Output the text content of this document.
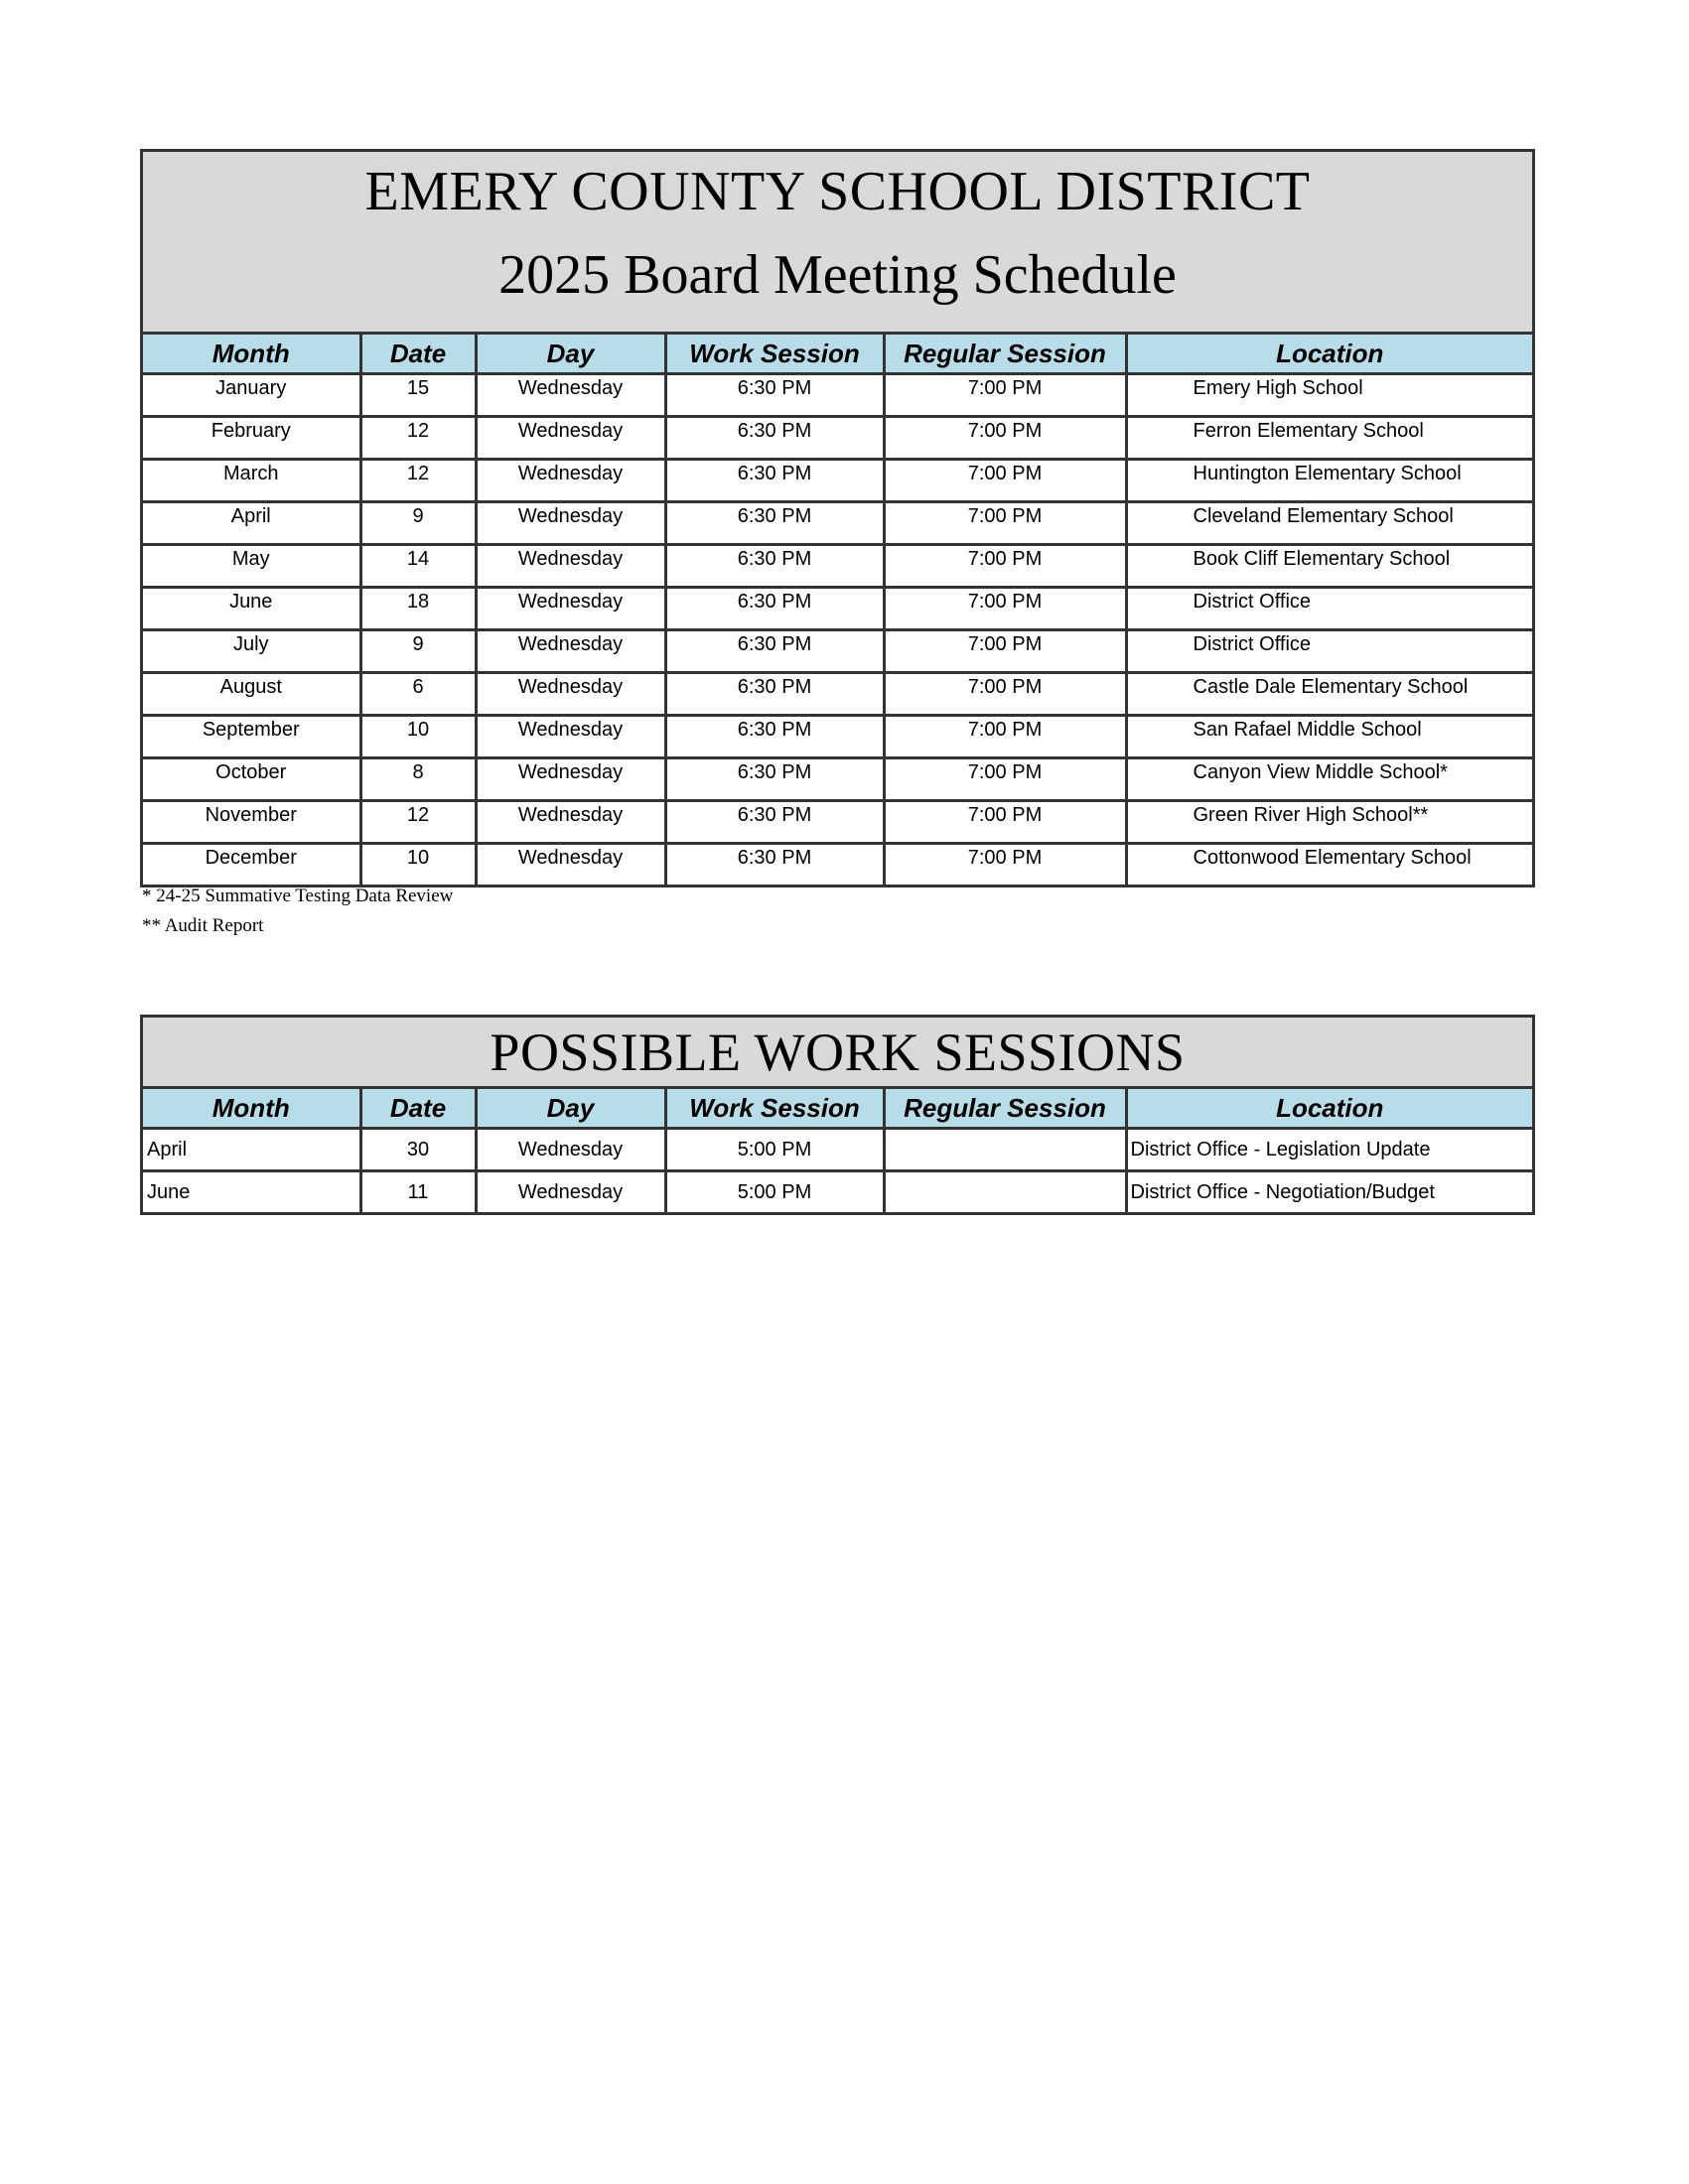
EMERY COUNTY SCHOOL DISTRICT
2025 Board Meeting Schedule
Month	Date	Day	Work Session	Regular Session	Location
January	15	Wednesday	6:30 PM	7:00 PM	Emery High School
February	12	Wednesday	6:30 PM	7:00 PM	Ferron Elementary School
March	12	Wednesday	6:30 PM	7:00 PM	Huntington Elementary School
April	9	Wednesday	6:30 PM	7:00 PM	Cleveland Elementary School
May	14	Wednesday	6:30 PM	7:00 PM	Book Cliff Elementary School
June	18	Wednesday	6:30 PM	7:00 PM	District Office
July	9	Wednesday	6:30 PM	7:00 PM	District Office
August	6	Wednesday	6:30 PM	7:00 PM	Castle Dale Elementary School
September	10	Wednesday	6:30 PM	7:00 PM	San Rafael Middle School
October	8	Wednesday	6:30 PM	7:00 PM	Canyon View Middle School*
November	12	Wednesday	6:30 PM	7:00 PM	Green River High School**
December	10	Wednesday	6:30 PM	7:00 PM	Cottonwood Elementary School
* 24-25 Summative Testing Data Review
** Audit Report
POSSIBLE WORK SESSIONS
Month	Date	Day	Work Session	Regular Session	Location
April	30	Wednesday	5:00 PM		District Office - Legislation Update
June	11	Wednesday	5:00 PM		District Office - Negotiation/Budget
